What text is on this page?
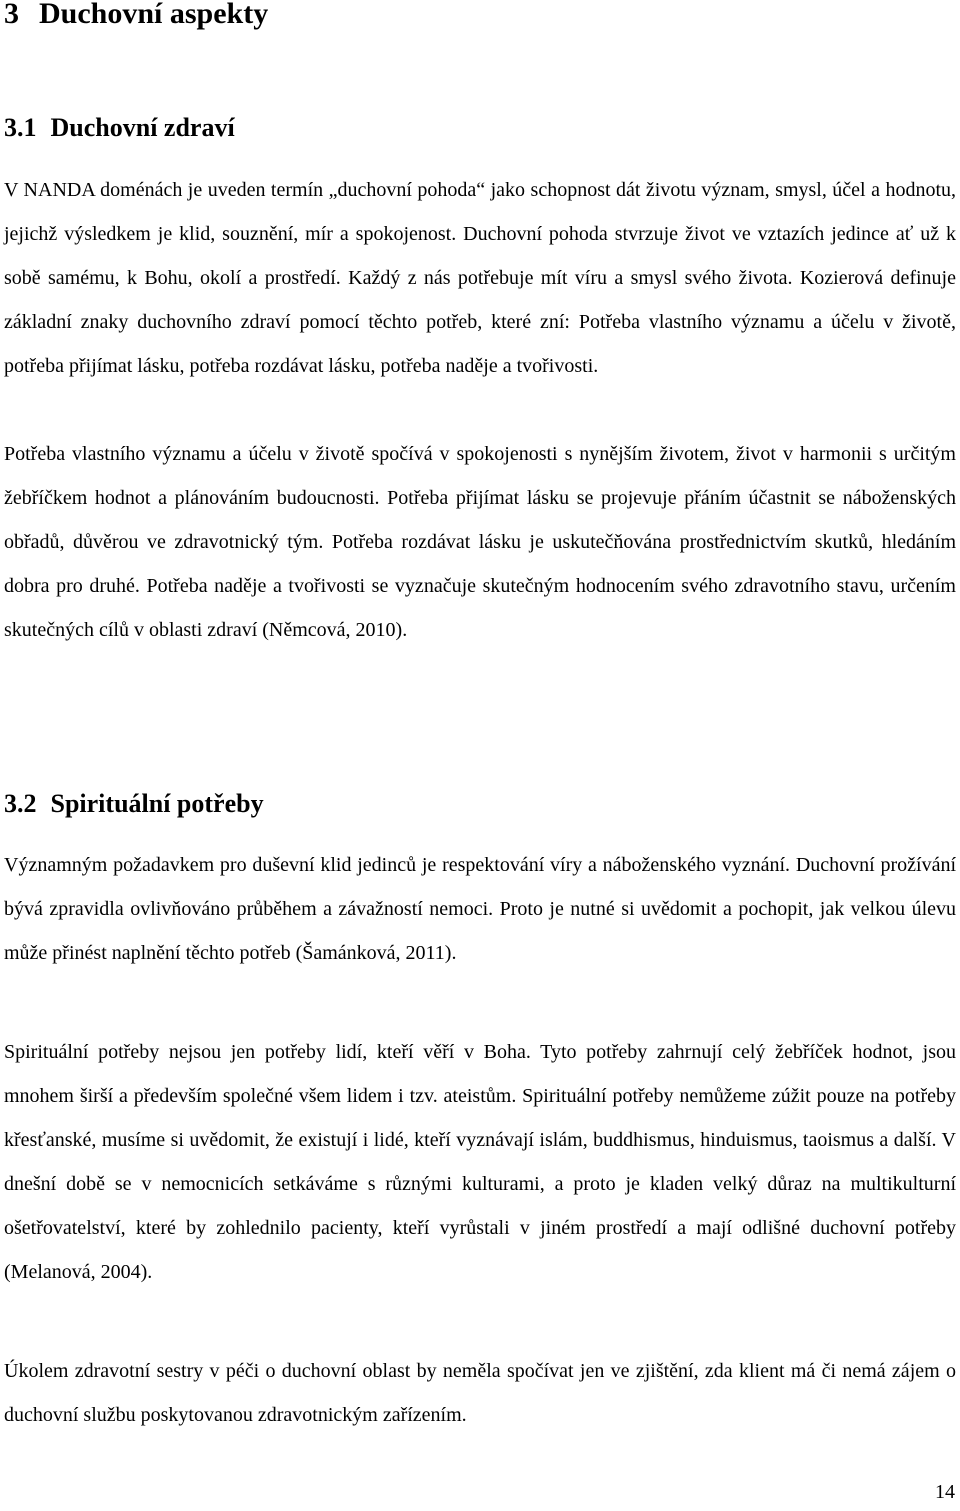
3 Duchovní aspekty
3.1 Duchovní zdraví

V NANDA doménách je uveden termín „duchovní pohoda“ jako schopnost dát životu význam, smysl, účel a hodnotu, jejichž výsledkem je klid, souznění, mír a spokojenost. Duchovní pohoda stvrzuje život ve vztazích jedince ať už k sobě samému, k Bohu, okolí a prostředí. Každý z nás potřebuje mít víru a smysl svého života. Kozierová definuje základní znaky duchovního zdraví pomocí těchto potřeb, které zní: Potřeba vlastního významu a účelu v životě, potřeba přijímat lásku, potřeba rozdávat lásku, potřeba naděje a tvořivosti.

Potřeba vlastního významu a účelu v životě spočívá v spokojenosti s nynějším životem, život v harmonii s určitým žebříčkem hodnot a plánováním budoucnosti. Potřeba přijímat lásku se projevuje přáním účastnit se náboženských obřadů, důvěrou ve zdravotnický tým. Potřeba rozdávat lásku je uskutečňována prostřednictvím skutků, hledáním dobra pro druhé. Potřeba naděje a tvořivosti se vyznačuje skutečným hodnocením svého zdravotního stavu, určením skutečných cílů v oblasti zdraví (Němcová, 2010).

3.2 Spirituální potřeby

Významným požadavkem pro duševní klid jedinců je respektování víry a náboženského vyznání. Duchovní prožívání bývá zpravidla ovlivňováno průběhem a závažností nemoci. Proto je nutné si uvědomit a pochopit, jak velkou úlevu může přinést naplnění těchto potřeb (Šamánková, 2011).

Spirituální potřeby nejsou jen potřeby lidí, kteří věří v Boha. Tyto potřeby zahrnují celý žebříček hodnot, jsou mnohem širší a především společné všem lidem i tzv. ateistům. Spirituální potřeby nemůžeme zúžit pouze na potřeby křesťanské, musíme si uvědomit, že existují i lidé, kteří vyznávají islám, buddhismus, hinduismus, taoismus a další. V dnešní době se v nemocnicích setkáváme s různými kulturami, a proto je kladen velký důraz na multikulturní ošetřovatelství, které by zohlednilo pacienty, kteří vyrůstali v jiném prostředí a mají odlišné duchovní potřeby (Melanová, 2004).

Úkolem zdravotní sestry v péči o duchovní oblast by neměla spočívat jen ve zjištění, zda klient má či nemá zájem o duchovní službu poskytovanou zdravotnickým zařízením.

14
